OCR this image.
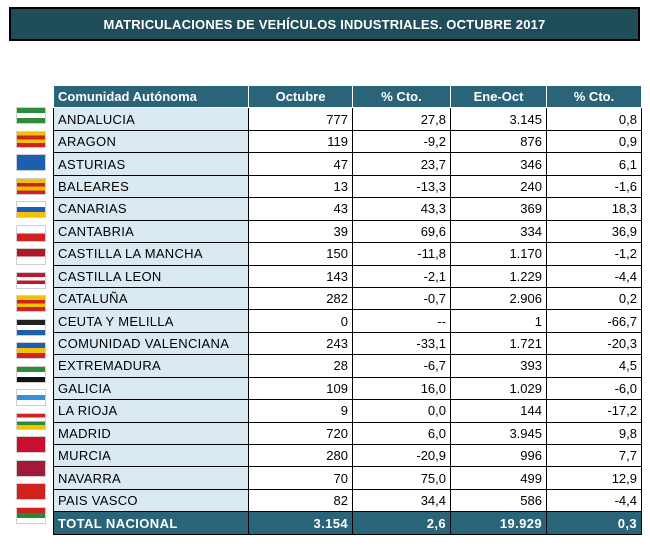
MATRICULACIONES DE VEHÍCULOS INDUSTRIALES. OCTUBRE 2017
Comunidad Autónoma	Octubre	% Cto.	Ene-Oct	% Cto.
ANDALUCIA	777	27,8	3.145	0,8
ARAGON	119	-9,2	876	0,9
ASTURIAS	47	23,7	346	6,1
BALEARES	13	-13,3	240	-1,6
CANARIAS	43	43,3	369	18,3
CANTABRIA	39	69,6	334	36,9
CASTILLA LA MANCHA	150	-11,8	1.170	-1,2
CASTILLA LEON	143	-2,1	1.229	-4,4
CATALUÑA	282	-0,7	2.906	0,2
CEUTA Y MELILLA	0	--	1	-66,7
COMUNIDAD VALENCIANA	243	-33,1	1.721	-20,3
EXTREMADURA	28	-6,7	393	4,5
GALICIA	109	16,0	1.029	-6,0
LA RIOJA	9	0,0	144	-17,2
MADRID	720	6,0	3.945	9,8
MURCIA	280	-20,9	996	7,7
NAVARRA	70	75,0	499	12,9
PAIS VASCO	82	34,4	586	-4,4
TOTAL NACIONAL	3.154	2,6	19.929	0,3
